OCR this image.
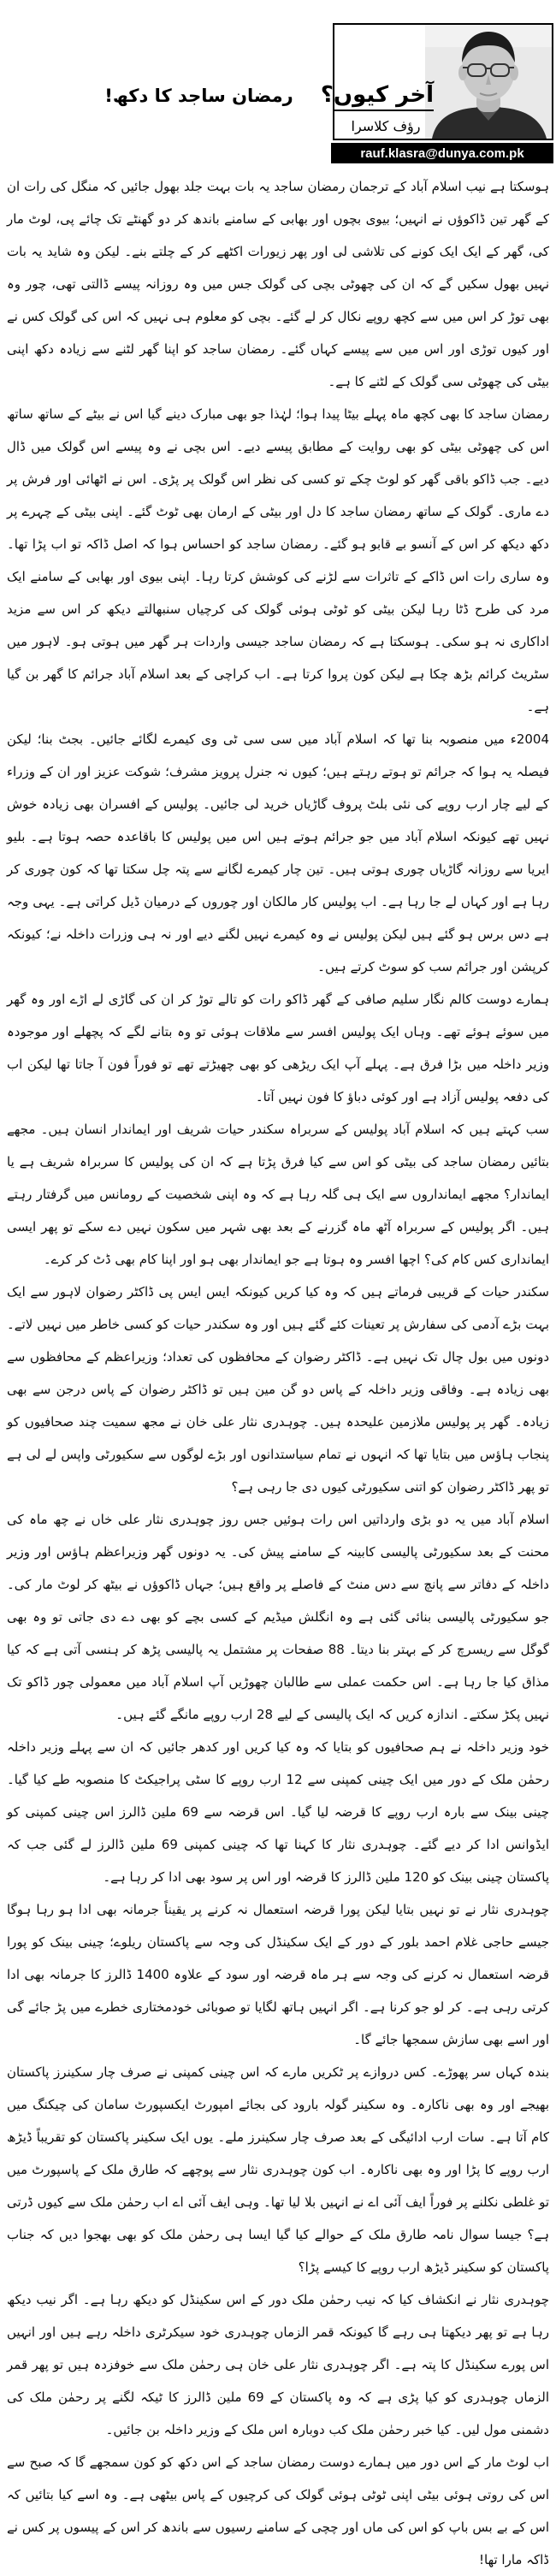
رمضان ساجد کا دکھ!	آخر کیوں؟
رؤف کلاسرا
rauf.klasra@dunya.com.pk

ہوسکتا ہے نیب اسلام آباد کے ترجمان رمضان ساجد یہ بات بہت جلد بھول جائیں کہ منگل کی رات ان کے گھر تین ڈاکوؤں نے انہیں؛ بیوی بچوں اور بھابی کے سامنے باندھ کر دو گھنٹے تک چائے پی، لوٹ مار کی، گھر کے ایک ایک کونے کی تلاشی لی اور پھر زیورات اکٹھے کر کے چلتے بنے۔ لیکن وہ شاید یہ بات نہیں بھول سکیں گے کہ ان کی چھوٹی بچی کی گولک جس میں وہ روزانہ پیسے ڈالتی تھی، چور وہ بھی توڑ کر اس میں سے کچھ روپے نکال کر لے گئے۔ بچی کو معلوم ہی نہیں کہ اس کی گولک کس نے اور کیوں توڑی اور اس میں سے پیسے کہاں گئے۔ رمضان ساجد کو اپنا گھر لٹنے سے زیادہ دکھ اپنی بیٹی کی چھوٹی سی گولک کے لٹنے کا ہے۔

رمضان ساجد کا بھی کچھ ماہ پہلے بیٹا پیدا ہوا؛ لہٰذا جو بھی مبارک دینے گیا اس نے بیٹے کے ساتھ ساتھ اس کی چھوٹی بیٹی کو بھی روایت کے مطابق پیسے دیے۔ اس بچی نے وہ پیسے اس گولک میں ڈال دیے۔ جب ڈاکو باقی گھر کو لوٹ چکے تو کسی کی نظر اس گولک پر پڑی۔ اس نے اٹھائی اور فرش پر دے ماری۔ گولک کے ساتھ رمضان ساجد کا دل اور بیٹی کے ارمان بھی ٹوٹ گئے۔ اپنی بیٹی کے چہرے پر دکھ دیکھ کر اس کے آنسو بے قابو ہو گئے۔ رمضان ساجد کو احساس ہوا کہ اصل ڈاکہ تو اب پڑا تھا۔ وہ ساری رات اس ڈاکے کے تاثرات سے لڑنے کی کوشش کرتا رہا۔ اپنی بیوی اور بھابی کے سامنے ایک مرد کی طرح ڈٹا رہا لیکن بیٹی کو ٹوٹی ہوئی گولک کی کرچیاں سنبھالتے دیکھ کر اس سے مزید اداکاری نہ ہو سکی۔ ہوسکتا ہے کہ رمضان ساجد جیسی واردات ہر گھر میں ہوتی ہو۔ لاہور میں سٹریٹ کرائم بڑھ چکا ہے لیکن کون پروا کرتا ہے۔ اب کراچی کے بعد اسلام آباد جرائم کا گھر بن گیا ہے۔

2004ء میں منصوبہ بنا تھا کہ اسلام آباد میں سی سی ٹی وی کیمرے لگائے جائیں۔ بجٹ بنا؛ لیکن فیصلہ یہ ہوا کہ جرائم تو ہوتے رہتے ہیں؛ کیوں نہ جنرل پرویز مشرف؛ شوکت عزیز اور ان کے وزراء کے لیے چار ارب روپے کی نئی بلٹ پروف گاڑیاں خرید لی جائیں۔ پولیس کے افسران بھی زیادہ خوش نہیں تھے کیونکہ اسلام آباد میں جو جرائم ہوتے ہیں اس میں پولیس کا باقاعدہ حصہ ہوتا ہے۔ بلیو ایریا سے روزانہ گاڑیاں چوری ہوتی ہیں۔ تین چار کیمرے لگانے سے پتہ چل سکتا تھا کہ کون چوری کر رہا ہے اور کہاں لے جا رہا ہے۔ اب پولیس کار مالکان اور چوروں کے درمیان ڈیل کراتی ہے۔ یہی وجہ ہے دس برس ہو گئے ہیں لیکن پولیس نے وہ کیمرے نہیں لگنے دیے اور نہ ہی وزرات داخلہ نے؛ کیونکہ کرپشن اور جرائم سب کو سوٹ کرتے ہیں۔

ہمارے دوست کالم نگار سلیم صافی کے گھر ڈاکو رات کو تالے توڑ کر ان کی گاڑی لے اڑے اور وہ گھر میں سوئے ہوئے تھے۔ وہاں ایک پولیس افسر سے ملاقات ہوئی تو وہ بتانے لگے کہ پچھلے اور موجودہ وزیر داخلہ میں بڑا فرق ہے۔ پہلے آپ ایک ریڑھی کو بھی چھیڑتے تھے تو فوراً فون آ جاتا تھا لیکن اب کی دفعہ پولیس آزاد ہے اور کوئی دباؤ کا فون نہیں آتا۔

سب کہتے ہیں کہ اسلام آباد پولیس کے سربراہ سکندر حیات شریف اور ایماندار انسان ہیں۔ مجھے بتائیں رمضان ساجد کی بیٹی کو اس سے کیا فرق پڑتا ہے کہ ان کی پولیس کا سربراہ شریف ہے یا ایماندار؟ مجھے ایمانداروں سے ایک ہی گلہ رہا ہے کہ وہ اپنی شخصیت کے رومانس میں گرفتار رہتے ہیں۔ اگر پولیس کے سربراہ آٹھ ماہ گزرنے کے بعد بھی شہر میں سکون نہیں دے سکے تو پھر ایسی ایمانداری کس کام کی؟ اچھا افسر وہ ہوتا ہے جو ایماندار بھی ہو اور اپنا کام بھی ڈٹ کر کرے۔

سکندر حیات کے قریبی فرماتے ہیں کہ وہ کیا کریں کیونکہ ایس ایس پی ڈاکٹر رضوان لاہور سے ایک بہت بڑے آدمی کی سفارش پر تعینات کئے گئے ہیں اور وہ سکندر حیات کو کسی خاطر میں نہیں لاتے۔ دونوں میں بول چال تک نہیں ہے۔ ڈاکٹر رضوان کے محافظوں کی تعداد؛ وزیراعظم کے محافظوں سے بھی زیادہ ہے۔ وفاقی وزیر داخلہ کے پاس دو گن مین ہیں تو ڈاکٹر رضوان کے پاس درجن سے بھی زیادہ۔ گھر پر پولیس ملازمین علیحدہ ہیں۔ چوہدری نثار علی خان نے مجھ سمیت چند صحافیوں کو پنجاب ہاؤس میں بتایا تھا کہ انہوں نے تمام سیاستدانوں اور بڑے لوگوں سے سکیورٹی واپس لے لی ہے تو پھر ڈاکٹر رضوان کو اتنی سکیورٹی کیوں دی جا رہی ہے؟

اسلام آباد میں یہ دو بڑی وارداتیں اس رات ہوئیں جس روز چوہدری نثار علی خاں نے چھ ماہ کی محنت کے بعد سکیورٹی پالیسی کابینہ کے سامنے پیش کی۔ یہ دونوں گھر وزیراعظم ہاؤس اور وزیر داخلہ کے دفاتر سے پانچ سے دس منٹ کے فاصلے پر واقع ہیں؛ جہاں ڈاکوؤں نے بیٹھ کر لوٹ مار کی۔ جو سکیورٹی پالیسی بنائی گئی ہے وہ انگلش میڈیم کے کسی بچے کو بھی دے دی جاتی تو وہ بھی گوگل سے ریسرچ کر کے بہتر بنا دیتا۔ 88 صفحات پر مشتمل یہ پالیسی پڑھ کر ہنسی آتی ہے کہ کیا مذاق کیا جا رہا ہے۔ اس حکمت عملی سے طالبان چھوڑیں آپ اسلام آباد میں معمولی چور ڈاکو تک نہیں پکڑ سکتے۔ اندازہ کریں کہ ایک پالیسی کے لیے 28 ارب روپے مانگے گئے ہیں۔

خود وزیر داخلہ نے ہم صحافیوں کو بتایا کہ وہ کیا کریں اور کدھر جائیں کہ ان سے پہلے وزیر داخلہ رحمٰن ملک کے دور میں ایک چینی کمپنی سے 12 ارب روپے کا سٹی پراجیکٹ کا منصوبہ طے کیا گیا۔ چینی بینک سے بارہ ارب روپے کا قرضہ لیا گیا۔ اس قرضہ سے 69 ملین ڈالرز اس چینی کمپنی کو ایڈوانس ادا کر دیے گئے۔ چوہدری نثار کا کہنا تھا کہ چینی کمپنی 69 ملین ڈالرز لے گئی جب کہ پاکستان چینی بینک کو 120 ملین ڈالرز کا قرضہ اور اس پر سود بھی ادا کر رہا ہے۔

چوہدری نثار نے تو نہیں بتایا لیکن پورا قرضہ استعمال نہ کرنے پر یقیناً جرمانہ بھی ادا ہو رہا ہوگا جیسے حاجی غلام احمد بلور کے دور کے ایک سکینڈل کی وجہ سے پاکستان ریلوے؛ چینی بینک کو پورا قرضہ استعمال نہ کرنے کی وجہ سے ہر ماہ قرضہ اور سود کے علاوہ 1400 ڈالرز کا جرمانہ بھی ادا کرتی رہی ہے۔ کر لو جو کرنا ہے۔ اگر انہیں ہاتھ لگایا تو صوبائی خودمختاری خطرے میں پڑ جائے گی اور اسے بھی سازش سمجھا جائے گا۔

بندہ کہاں سر پھوڑے۔ کس دروازے پر ٹکریں مارے کہ اس چینی کمپنی نے صرف چار سکینرز پاکستان بھیجے اور وہ بھی ناکارہ۔ وہ سکینر گولہ بارود کی بجائے امپورٹ ایکسپورٹ سامان کی چیکنگ میں کام آتا ہے۔ سات ارب ادائیگی کے بعد صرف چار سکینرز ملے۔ یوں ایک سکینر پاکستان کو تقریباً ڈیڑھ ارب روپے کا پڑا اور وہ بھی ناکارہ۔ اب کون چوہدری نثار سے پوچھے کہ طارق ملک کے پاسپورٹ میں تو غلطی نکلنے پر فوراً ایف آئی اے نے انہیں بلا لیا تھا۔ وہی ایف آئی اے اب رحمٰن ملک سے کیوں ڈرتی ہے؟ جیسا سوال نامہ طارق ملک کے حوالے کیا گیا ایسا ہی رحمٰن ملک کو بھی بھجوا دیں کہ جناب پاکستان کو سکینر ڈیڑھ ارب روپے کا کیسے پڑا؟

چوہدری نثار نے انکشاف کیا کہ نیب رحمٰن ملک دور کے اس سکینڈل کو دیکھ رہا ہے۔ اگر نیب دیکھ رہا ہے تو پھر دیکھتا ہی رہے گا کیونکہ قمر الزماں چوہدری خود سیکرٹری داخلہ رہے ہیں اور انہیں اس پورے سکینڈل کا پتہ ہے۔ اگر چوہدری نثار علی خان ہی رحمٰن ملک سے خوفزدہ ہیں تو پھر قمر الزماں چوہدری کو کیا پڑی ہے کہ وہ پاکستان کے 69 ملین ڈالرز کا ٹیکہ لگنے پر رحمٰن ملک کی دشمنی مول لیں۔ کیا خبر رحمٰن ملک کب دوبارہ اس ملک کے وزیر داخلہ بن جائیں۔

اب لوٹ مار کے اس دور میں ہمارے دوست رمضان ساجد کے اس دکھ کو کون سمجھے گا کہ صبح سے اس کی روتی ہوئی بیٹی اپنی ٹوٹی ہوئی گولک کی کرچیوں کے پاس بیٹھی ہے۔ وہ اسے کیا بتائیں کہ اس کے بے بس باپ کو اس کی ماں اور چچی کے سامنے رسیوں سے باندھ کر اس کے پیسوں پر کس نے ڈاکہ مارا تھا!
